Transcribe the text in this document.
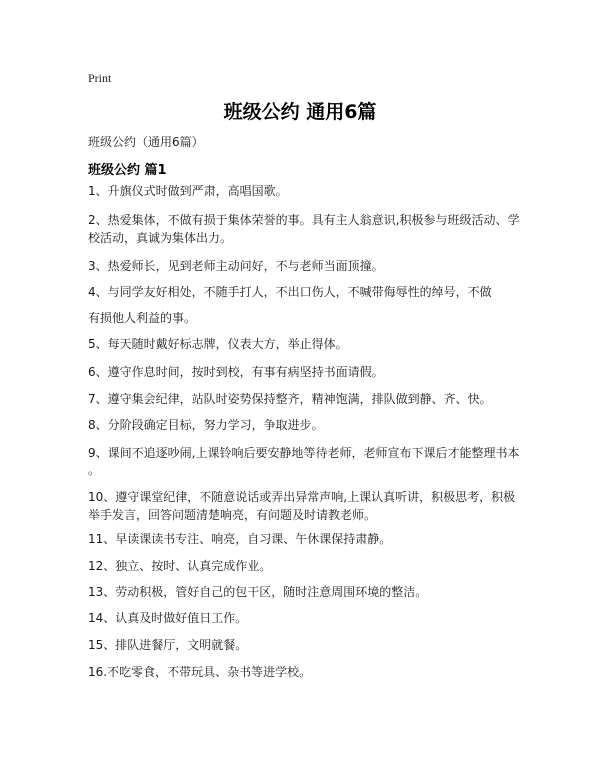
Print
班级公约 通用6篇
班级公约（通用6篇）
班级公约 篇1
1、升旗仪式时做到严肃，高唱国歌。
2、热爱集体，不做有损于集体荣誉的事。具有主人翁意识,积极参与班级活动、学
校活动，真诚为集体出力。
3、热爱师长，见到老师主动问好，不与老师当面顶撞。
4、与同学友好相处，不随手打人，不出口伤人，不喊带侮辱性的绰号，不做
有损他人利益的事。
5、每天随时戴好标志牌，仪表大方，举止得体。
6、遵守作息时间，按时到校，有事有病坚持书面请假。
7、遵守集会纪律，站队时姿势保持整齐，精神饱满，排队做到静、齐、快。
8、分阶段确定目标，努力学习，争取进步。
9、课间不追逐吵闹,上课铃响后要安静地等待老师，老师宣布下课后才能整理书本
。
10、遵守课堂纪律，不随意说话或弄出异常声响,上课认真听讲，积极思考，积极
举手发言，回答问题清楚响亮，有问题及时请教老师。
11、早读课读书专注、响亮，自习课、午休课保持肃静。
12、独立、按时、认真完成作业。
13、劳动积极，管好自己的包干区，随时注意周围环境的整洁。
14、认真及时做好值日工作。
15、排队进餐厅，文明就餐。
16.不吃零食，不带玩具、杂书等进学校。
